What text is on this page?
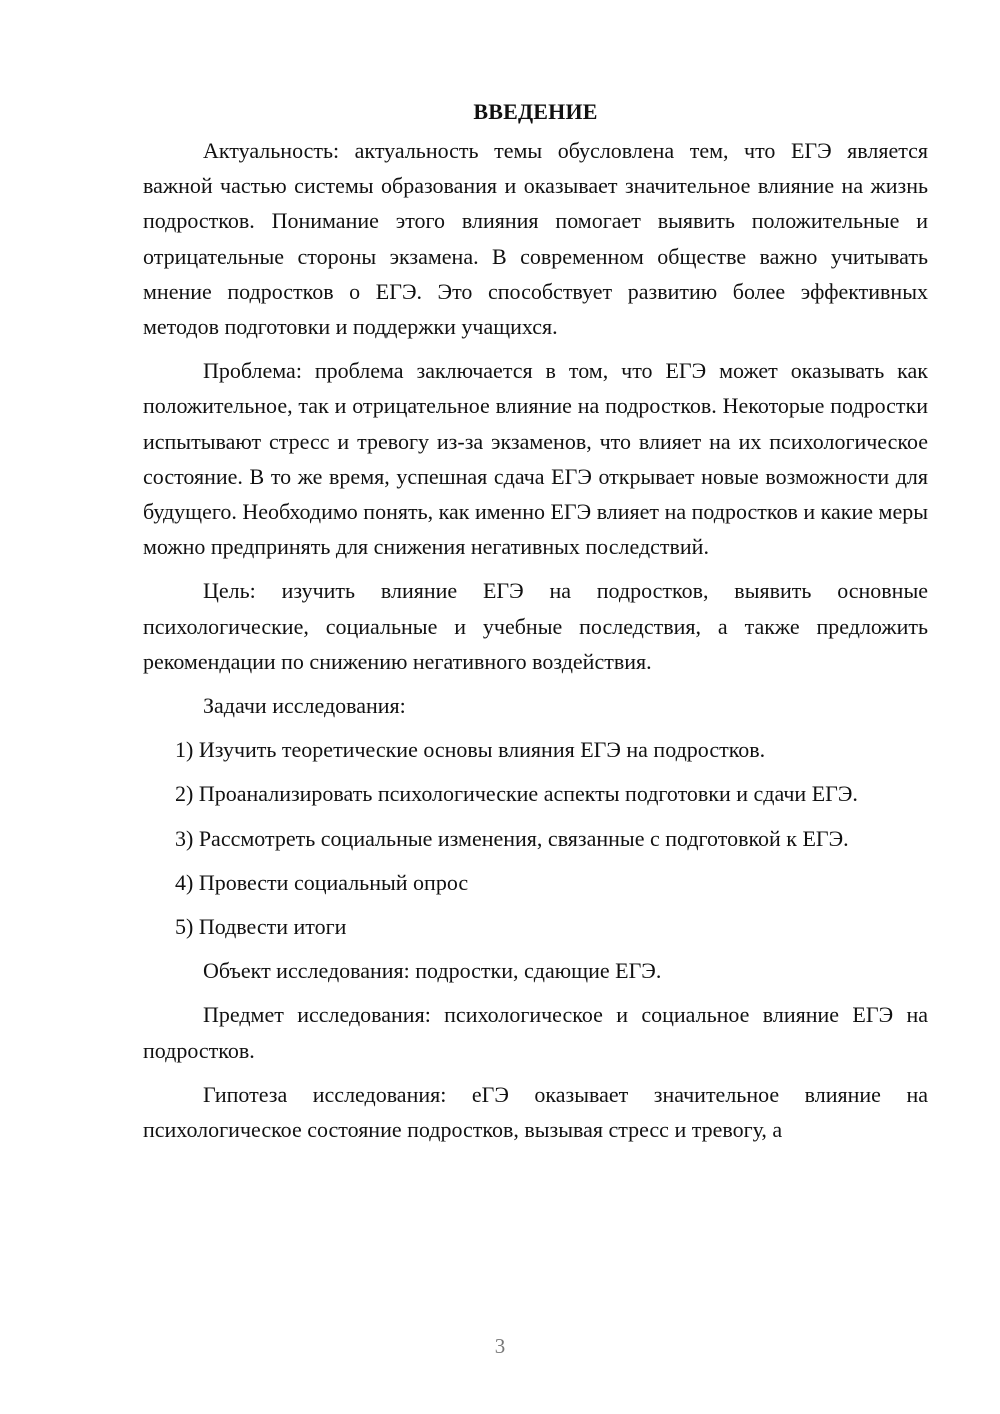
ВВЕДЕНИЕ

Актуальность: актуальность темы обусловлена тем, что ЕГЭ является важной частью системы образования и оказывает значительное влияние на жизнь подростков. Понимание этого влияния помогает выявить положительные и отрицательные стороны экзамена. В современном обществе важно учитывать мнение подростков о ЕГЭ. Это способствует развитию более эффективных методов подготовки и поддержки учащихся.

Проблема: проблема заключается в том, что ЕГЭ может оказывать как положительное, так и отрицательное влияние на подростков. Некоторые подростки испытывают стресс и тревогу из-за экзаменов, что влияет на их психологическое состояние. В то же время, успешная сдача ЕГЭ открывает новые возможности для будущего. Необходимо понять, как именно ЕГЭ влияет на подростков и какие меры можно предпринять для снижения негативных последствий.

Цель: изучить влияние ЕГЭ на подростков, выявить основные психологические, социальные и учебные последствия, а также предложить рекомендации по снижению негативного воздействия.

Задачи исследования:

1) Изучить теоретические основы влияния ЕГЭ на подростков.

2) Проанализировать психологические аспекты подготовки и сдачи ЕГЭ.

3) Рассмотреть социальные изменения, связанные с подготовкой к ЕГЭ.

4) Провести социальный опрос

5) Подвести итоги

Объект исследования: подростки, сдающие ЕГЭ.

Предмет исследования: психологическое и социальное влияние ЕГЭ на подростков.

Гипотеза исследования: еГЭ оказывает значительное влияние на психологическое состояние подростков, вызывая стресс и тревогу, а

3
